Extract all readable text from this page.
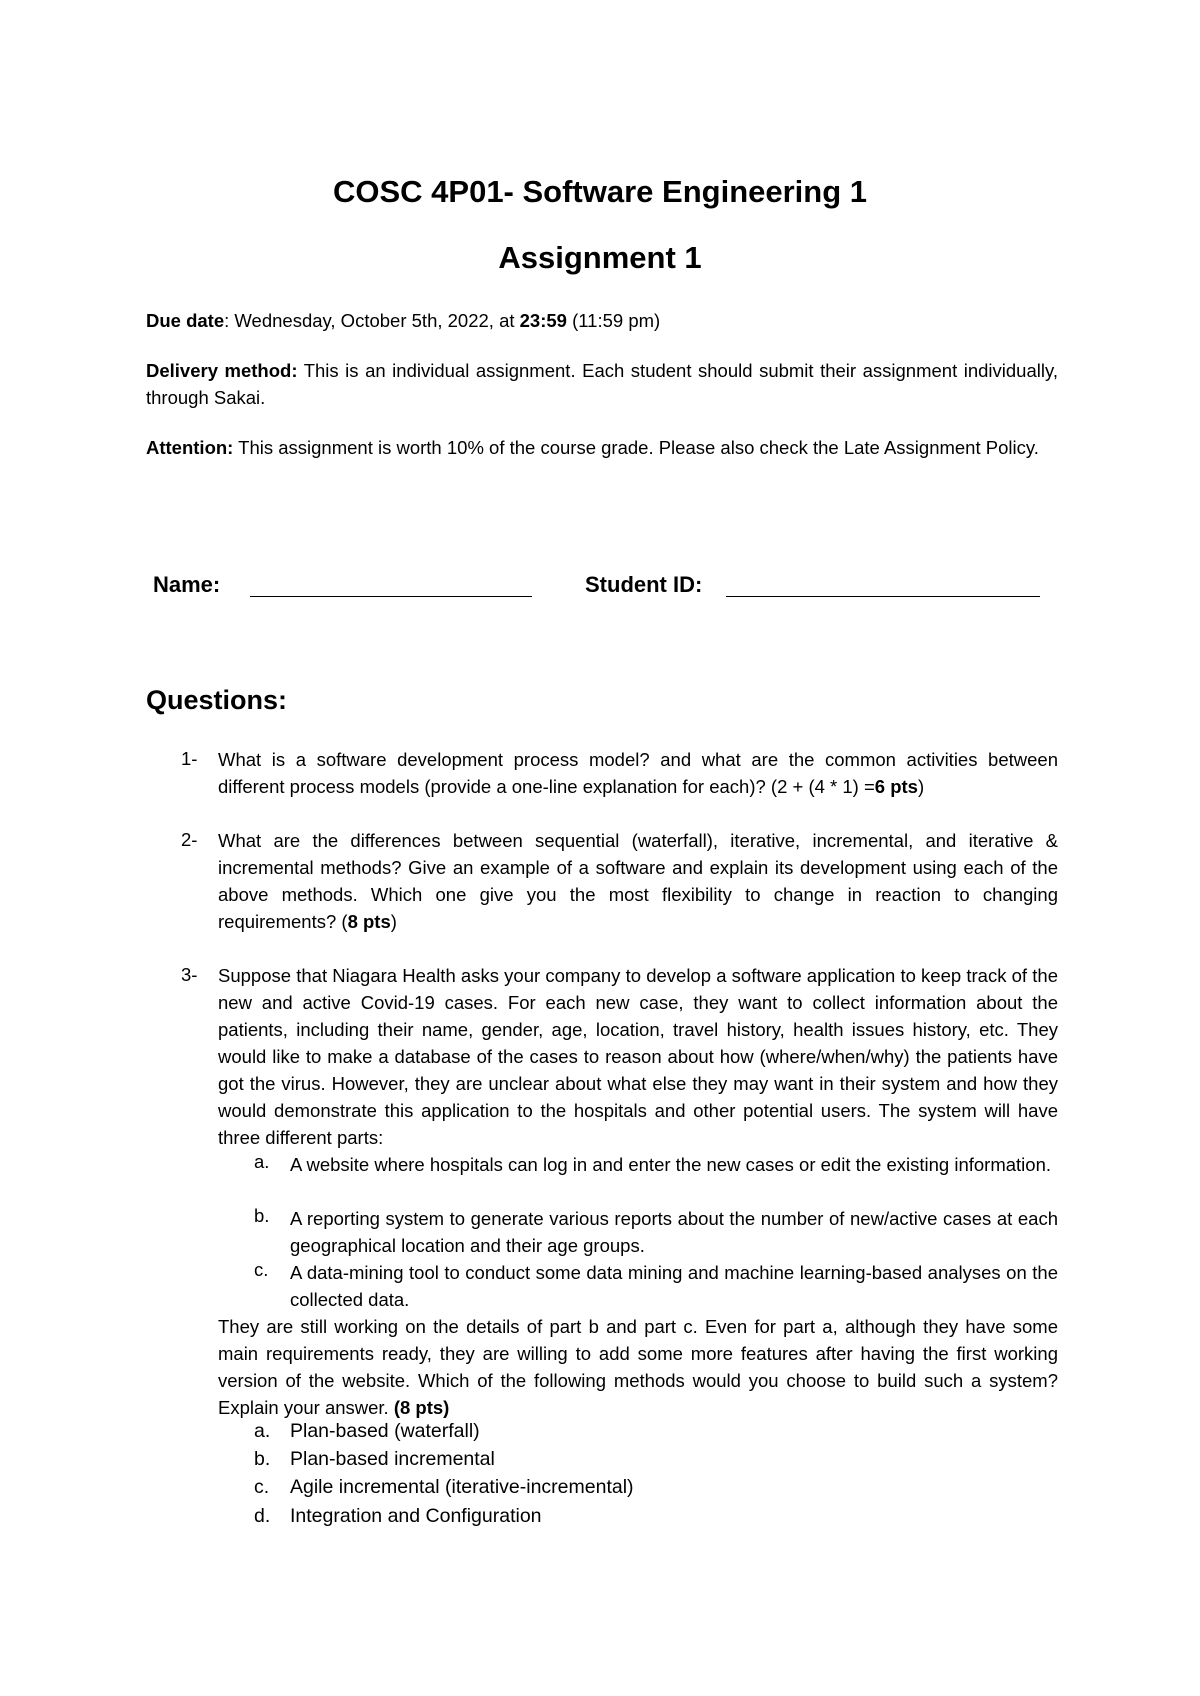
COSC 4P01- Software Engineering 1
Assignment 1
Due date: Wednesday, October 5th, 2022, at 23:59 (11:59 pm)
Delivery method: This is an individual assignment. Each student should submit their assignment individually, through Sakai.
Attention: This assignment is worth 10% of the course grade. Please also check the Late Assignment Policy.
Name:	Student ID:
Questions:
1- What is a software development process model? and what are the common activities between different process models (provide a one-line explanation for each)? (2 + (4 * 1) =6 pts)
2- What are the differences between sequential (waterfall), iterative, incremental, and iterative & incremental methods? Give an example of a software and explain its development using each of the above methods. Which one give you the most flexibility to change in reaction to changing requirements? (8 pts)
3- Suppose that Niagara Health asks your company to develop a software application to keep track of the new and active Covid-19 cases. For each new case, they want to collect information about the patients, including their name, gender, age, location, travel history, health issues history, etc. They would like to make a database of the cases to reason about how (where/when/why) the patients have got the virus. However, they are unclear about what else they may want in their system and how they would demonstrate this application to the hospitals and other potential users. The system will have three different parts:
a. A website where hospitals can log in and enter the new cases or edit the existing information.
b. A reporting system to generate various reports about the number of new/active cases at each geographical location and their age groups.
c. A data-mining tool to conduct some data mining and machine learning-based analyses on the collected data.
They are still working on the details of part b and part c. Even for part a, although they have some main requirements ready, they are willing to add some more features after having the first working version of the website. Which of the following methods would you choose to build such a system? Explain your answer. (8 pts)
a. Plan-based (waterfall)
b. Plan-based incremental
c. Agile incremental (iterative-incremental)
d. Integration and Configuration
